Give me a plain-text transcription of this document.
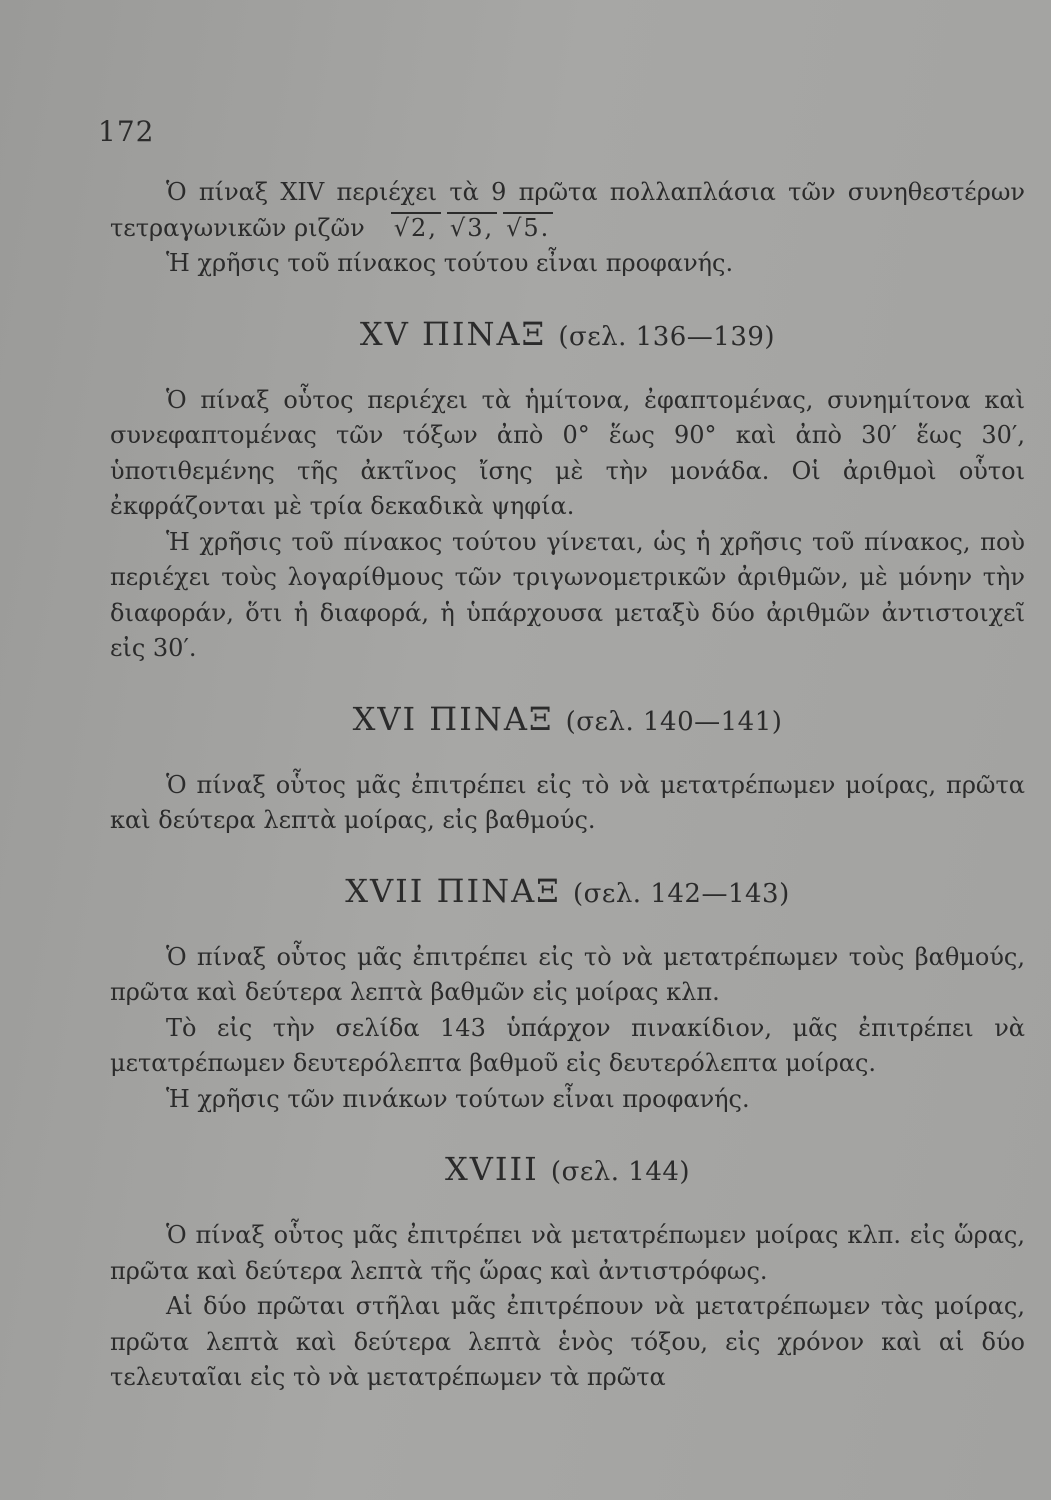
172

Ὁ πίναξ XIV περιέχει τὰ 9 πρῶτα πολλαπλάσια τῶν συνηθεστέρων τετραγωνικῶν ριζῶν √2, √3, √5.

Ἡ χρῆσις τοῦ πίνακος τούτου εἶναι προφανής.

XV ΠΙΝΑΞ (σελ. 136—139)

Ὁ πίναξ οὗτος περιέχει τὰ ἡμίτονα, ἐφαπτομένας, συνημίτονα καὶ συνεφαπτομένας τῶν τόξων ἀπὸ 0° ἕως 90° καὶ ἀπὸ 30′ ἕως 30′, ὑποτιθεμένης τῆς ἀκτῖνος ἴσης μὲ τὴν μονάδα. Οἱ ἀριθμοὶ οὗτοι ἐκφράζονται μὲ τρία δεκαδικὰ ψηφία.

Ἡ χρῆσις τοῦ πίνακος τούτου γίνεται, ὡς ἡ χρῆσις τοῦ πίνακος, ποὺ περιέχει τοὺς λογαρίθμους τῶν τριγωνομετρικῶν ἀριθμῶν, μὲ μόνην τὴν διαφοράν, ὅτι ἡ διαφορά, ἡ ὑπάρχουσα μεταξὺ δύο ἀριθμῶν ἀντιστοιχεῖ εἰς 30′.

XVI ΠΙΝΑΞ (σελ. 140—141)

Ὁ πίναξ οὗτος μᾶς ἐπιτρέπει εἰς τὸ νὰ μετατρέπωμεν μοίρας, πρῶτα καὶ δεύτερα λεπτὰ μοίρας, εἰς βαθμούς.

XVII ΠΙΝΑΞ (σελ. 142—143)

Ὁ πίναξ οὗτος μᾶς ἐπιτρέπει εἰς τὸ νὰ μετατρέπωμεν τοὺς βαθμούς, πρῶτα καὶ δεύτερα λεπτὰ βαθμῶν εἰς μοίρας κλπ.

Τὸ εἰς τὴν σελίδα 143 ὑπάρχον πινακίδιον, μᾶς ἐπιτρέπει νὰ μετατρέπωμεν δευτερόλεπτα βαθμοῦ εἰς δευτερόλεπτα μοίρας.

Ἡ χρῆσις τῶν πινάκων τούτων εἶναι προφανής.

XVIII (σελ. 144)

Ὁ πίναξ οὗτος μᾶς ἐπιτρέπει νὰ μετατρέπωμεν μοίρας κλπ. εἰς ὥρας, πρῶτα καὶ δεύτερα λεπτὰ τῆς ὥρας καὶ ἀντιστρόφως.

Αἱ δύο πρῶται στῆλαι μᾶς ἐπιτρέπουν νὰ μετατρέπωμεν τὰς μοίρας, πρῶτα λεπτὰ καὶ δεύτερα λεπτὰ ἑνὸς τόξου, εἰς χρόνον καὶ αἱ δύο τελευταῖαι εἰς τὸ νὰ μετατρέπωμεν τὰ πρῶτα
